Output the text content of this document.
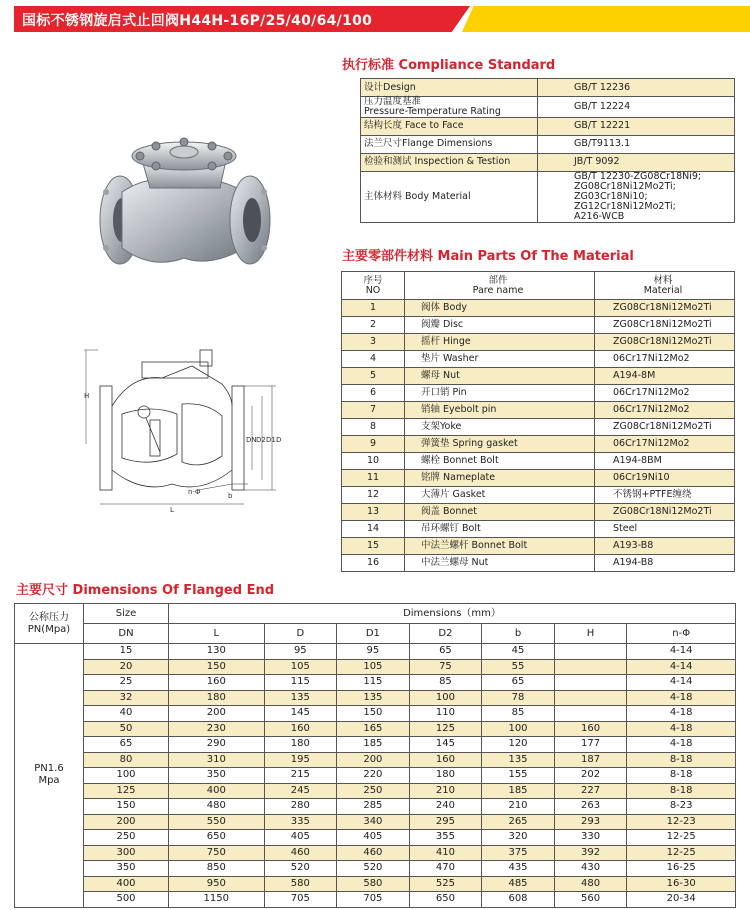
国标不锈钢旋启式止回阀H44H-16P/25/40/64/100
H
L
DN D2 D1 D
b
n-Φ
执行标准 Compliance Standard
设计Design	GB/T 12236
压力温度基准
Pressure-Temperature Rating	GB/T 12224
结构长度 Face to Face	GB/T 12221
法兰尺寸Flange Dimensions	GB/T9113.1
检验和测试 Inspection & Testion	JB/T 9092
主体材料 Body Material	GB/T 12230-ZG08Cr18Ni9;
ZG08Cr18Ni12Mo2Ti;
ZG03Cr18Ni10;
ZG12Cr18Ni12Mo2Ti;
A216-WCB
主要零部件材料 Main Parts Of The Material
序号
NO	部件
Pare name	材料
Material
1	阀体 Body	ZG08Cr18Ni12Mo2Ti
2	阀瓣 Disc	ZG08Cr18Ni12Mo2Ti
3	摇杆 Hinge	ZG08Cr18Ni12Mo2Ti
4	垫片 Washer	06Cr17Ni12Mo2
5	螺母 Nut	A194-8M
6	开口销 Pin	06Cr17Ni12Mo2
7	销轴 Eyebolt pin	06Cr17Ni12Mo2
8	支架Yoke	ZG08Cr18Ni12Mo2Ti
9	弹簧垫 Spring gasket	06Cr17Ni12Mo2
10	螺栓 Bonnet Bolt	A194-8BM
11	铭牌 Nameplate	06Cr19Ni10
12	大薄片 Gasket	不锈钢+PTFE缠绕
13	阀盖 Bonnet	ZG08Cr18Ni12Mo2Ti
14	吊环螺钉 Bolt	Steel
15	中法兰螺杆 Bonnet Bolt	A193-B8
16	中法兰螺母 Nut	A194-B8
主要尺寸 Dimensions Of Flanged End
公称压力
PN(Mpa)	Size	Dimensions（mm）						
	DN	L	D	D1	D2	b	H	n-Φ
PN1.6
Mpa	15	130	95	95	65	45		4-14
	20	150	105	105	75	55		4-14
	25	160	115	115	85	65		4-14
	32	180	135	135	100	78		4-18
	40	200	145	150	110	85		4-18
	50	230	160	165	125	100	160	4-18
	65	290	180	185	145	120	177	4-18
	80	310	195	200	160	135	187	8-18
	100	350	215	220	180	155	202	8-18
	125	400	245	250	210	185	227	8-18
	150	480	280	285	240	210	263	8-23
	200	550	335	340	295	265	293	12-23
	250	650	405	405	355	320	330	12-25
	300	750	460	460	410	375	392	12-25
	350	850	520	520	470	435	430	16-25
	400	950	580	580	525	485	480	16-30
	500	1150	705	705	650	608	560	20-34
